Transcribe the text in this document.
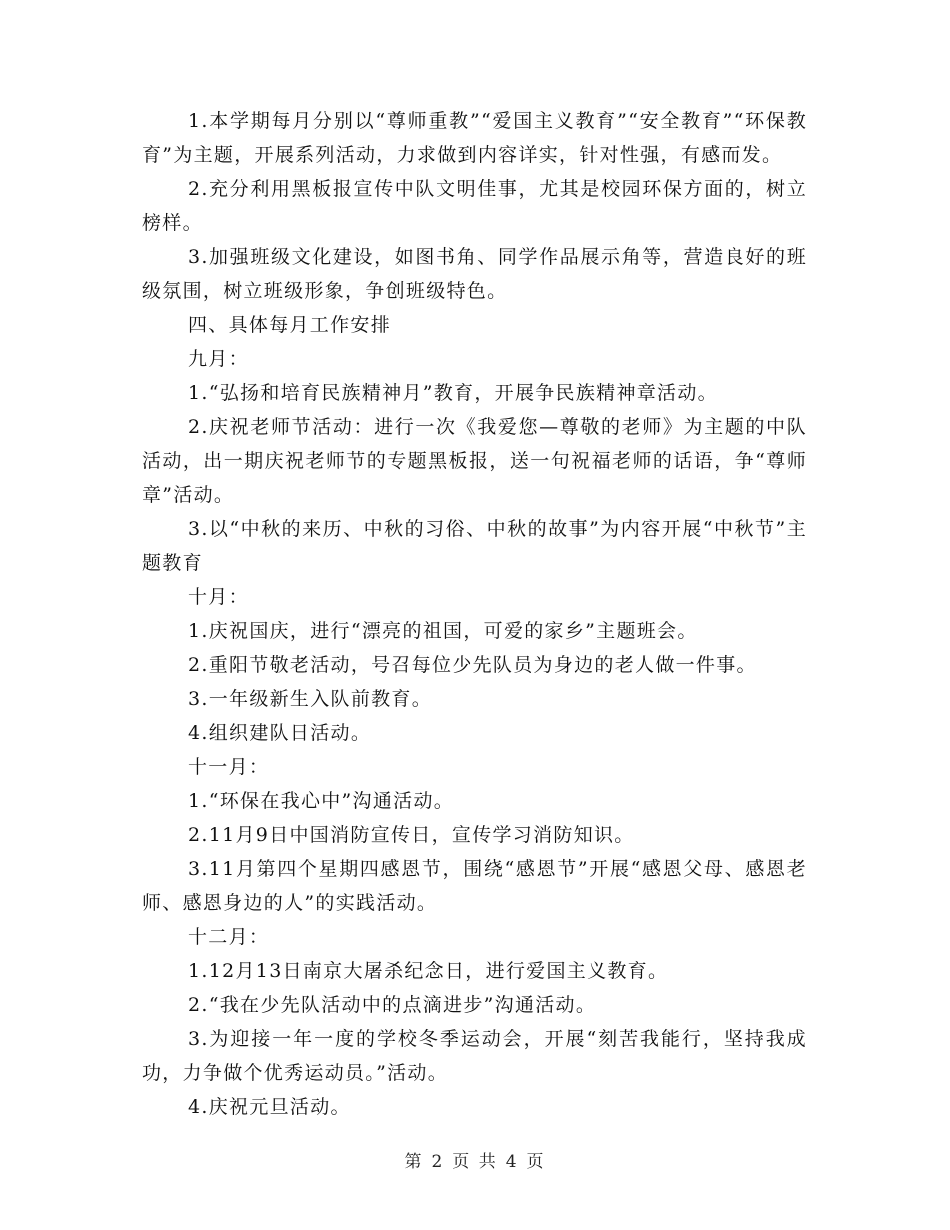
1.本学期每月分别以“尊师重教”“爱国主义教育”“安全教育”“环保教育”为主题，开展系列活动，力求做到内容详实，针对性强，有感而发。

2.充分利用黑板报宣传中队文明佳事，尤其是校园环保方面的，树立榜样。

3.加强班级文化建设，如图书角、同学作品展示角等，营造良好的班级氛围，树立班级形象，争创班级特色。

四、具体每月工作安排

九月：

1.“弘扬和培育民族精神月”教育，开展争民族精神章活动。

2.庆祝老师节活动：进行一次《我爱您—尊敬的老师》为主题的中队活动，出一期庆祝老师节的专题黑板报，送一句祝福老师的话语，争“尊师章”活动。

3.以“中秋的来历、中秋的习俗、中秋的故事”为内容开展“中秋节”主题教育

十月：

1.庆祝国庆，进行“漂亮的祖国，可爱的家乡”主题班会。

2.重阳节敬老活动，号召每位少先队员为身边的老人做一件事。

3.一年级新生入队前教育。

4.组织建队日活动。

十一月：

1.“环保在我心中”沟通活动。

2.11月9日中国消防宣传日，宣传学习消防知识。

3.11月第四个星期四感恩节，围绕“感恩节”开展“感恩父母、感恩老师、感恩身边的人”的实践活动。

十二月：

1.12月13日南京大屠杀纪念日，进行爱国主义教育。

2.“我在少先队活动中的点滴进步”沟通活动。

3.为迎接一年一度的学校冬季运动会，开展“刻苦我能行，坚持我成功，力争做个优秀运动员。”活动。

4.庆祝元旦活动。

第 2 页 共 4 页
